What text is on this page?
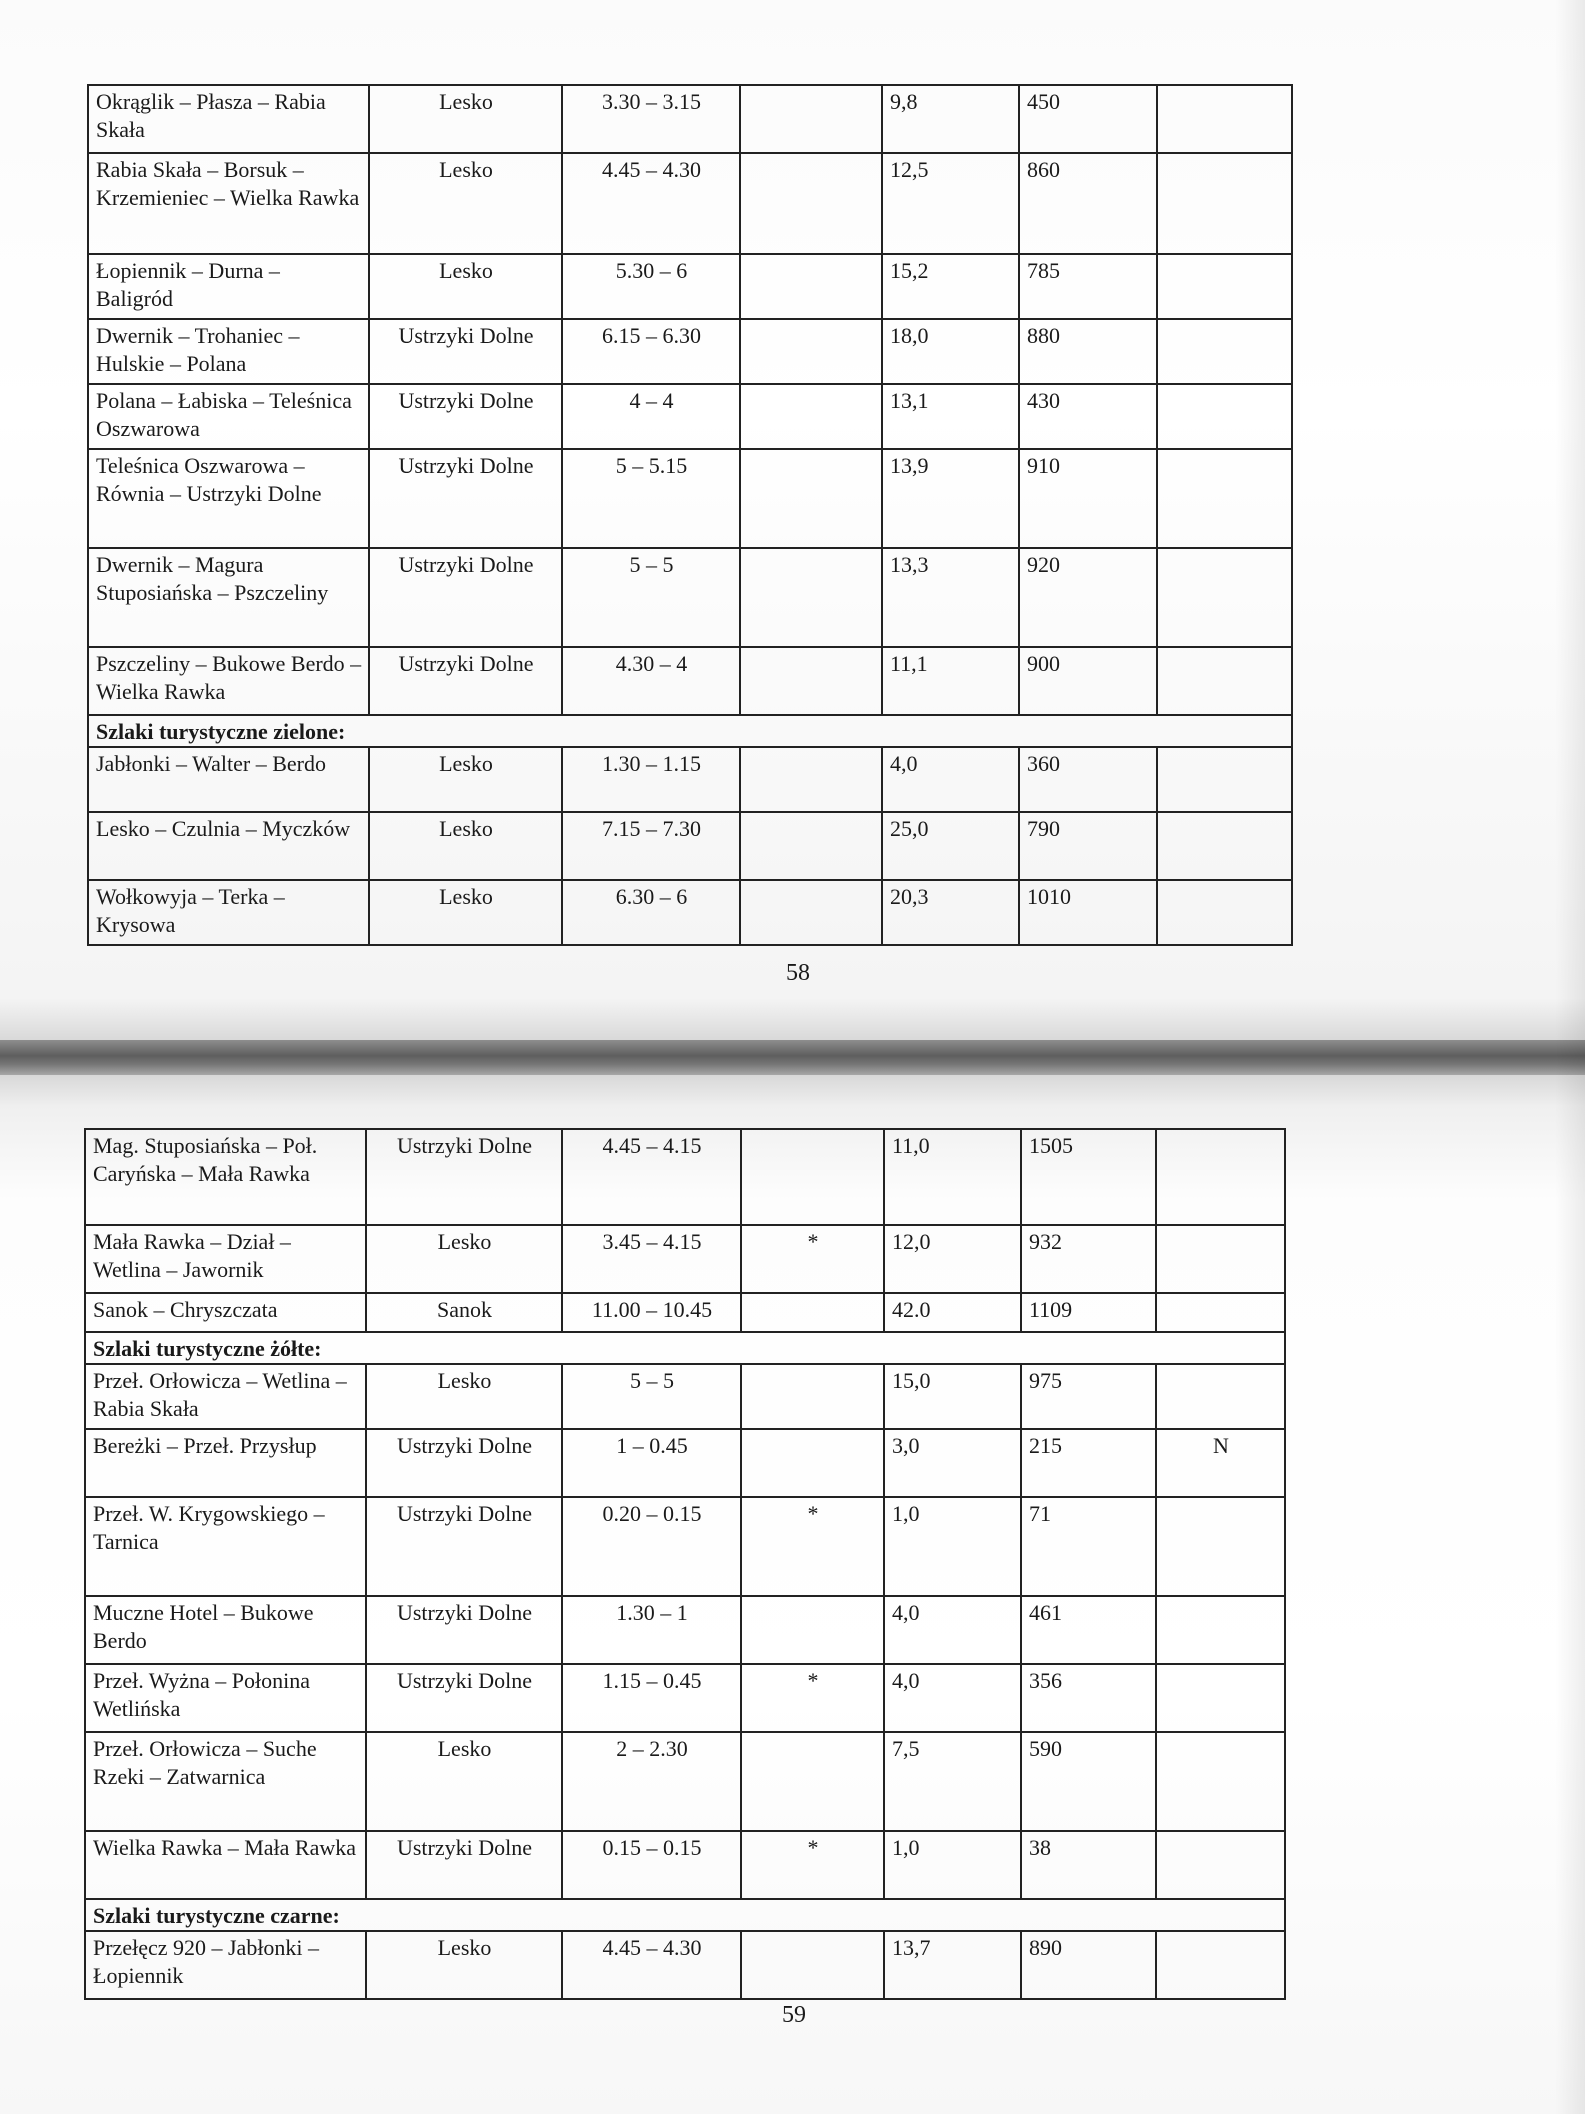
Okrąglik – Płasza – Rabia Skała	Lesko	3.30 – 3.15		9,8	450	
Rabia Skała – Borsuk – Krzemieniec – Wielka Rawka	Lesko	4.45 – 4.30		12,5	860	
Łopiennik – Durna – Baligród	Lesko	5.30 – 6		15,2	785	
Dwernik – Trohaniec – Hulskie – Polana	Ustrzyki Dolne	6.15 – 6.30		18,0	880	
Polana – Łabiska – Teleśnica Oszwarowa	Ustrzyki Dolne	4 – 4		13,1	430	
Teleśnica Oszwarowa – Równia – Ustrzyki Dolne	Ustrzyki Dolne	5 – 5.15		13,9	910	
Dwernik – Magura Stuposiańska – Pszczeliny	Ustrzyki Dolne	5 – 5		13,3	920	
Pszczeliny – Bukowe Berdo – Wielka Rawka	Ustrzyki Dolne	4.30 – 4		11,1	900	
Szlaki turystyczne zielone:						
Jabłonki – Walter – Berdo	Lesko	1.30 – 1.15		4,0	360	
Lesko – Czulnia – Myczków	Lesko	7.15 – 7.30		25,0	790	
Wołkowyja – Terka – Krysowa	Lesko	6.30 – 6		20,3	1010	
58
Mag. Stuposiańska – Poł. Caryńska – Mała Rawka	Ustrzyki Dolne	4.45 – 4.15		11,0	1505	
Mała Rawka – Dział – Wetlina – Jawornik	Lesko	3.45 – 4.15	*	12,0	932	
Sanok – Chryszczata	Sanok	11.00 – 10.45		42.0	1109	
Szlaki turystyczne żółte:						
Przeł. Orłowicza – Wetlina – Rabia Skała	Lesko	5 – 5		15,0	975	
Bereżki – Przeł. Przysłup	Ustrzyki Dolne	1 – 0.45		3,0	215	N
Przeł. W. Krygowskiego – Tarnica	Ustrzyki Dolne	0.20 – 0.15	*	1,0	71	
Muczne Hotel – Bukowe Berdo	Ustrzyki Dolne	1.30 – 1		4,0	461	
Przeł. Wyżna – Połonina Wetlińska	Ustrzyki Dolne	1.15 – 0.45	*	4,0	356	
Przeł. Orłowicza – Suche Rzeki – Zatwarnica	Lesko	2 – 2.30		7,5	590	
Wielka Rawka – Mała Rawka	Ustrzyki Dolne	0.15 – 0.15	*	1,0	38	
Szlaki turystyczne czarne:						
Przełęcz 920 – Jabłonki – Łopiennik	Lesko	4.45 – 4.30		13,7	890	
59
